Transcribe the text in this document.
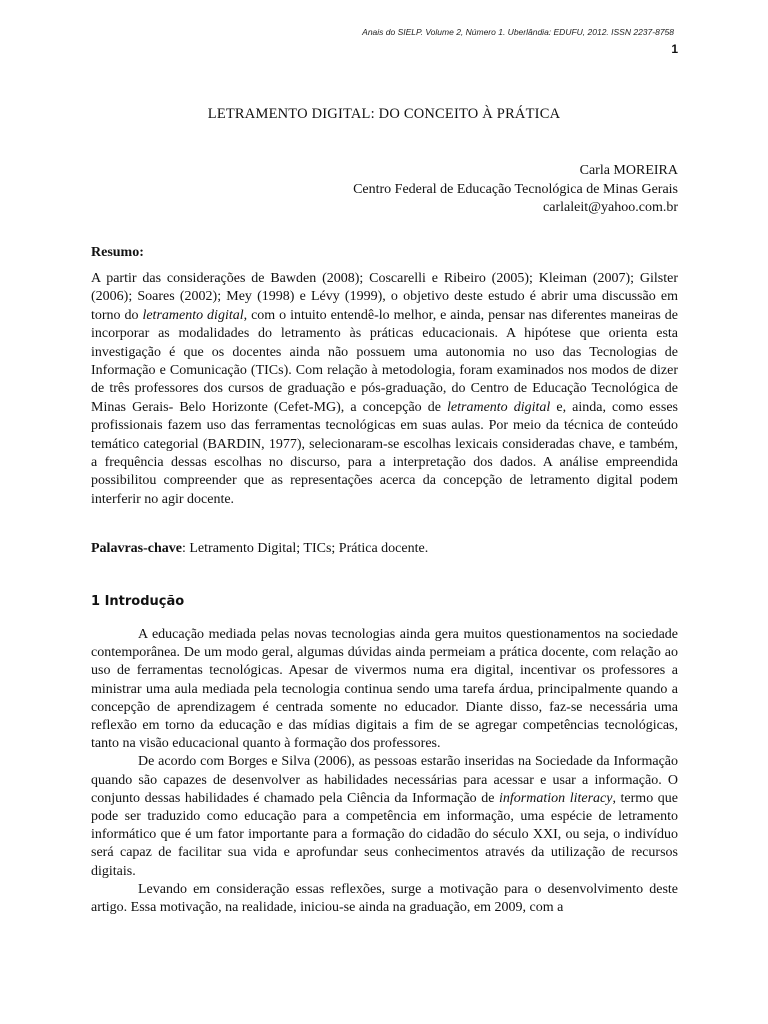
Anais do SIELP. Volume 2, Número 1. Uberlândia: EDUFU, 2012. ISSN 2237-8758
1
LETRAMENTO DIGITAL: DO CONCEITO À PRÁTICA
Carla MOREIRA
Centro Federal de Educação Tecnológica de Minas Gerais
carlaleit@yahoo.com.br
Resumo:

A partir das considerações de Bawden (2008); Coscarelli e Ribeiro (2005); Kleiman (2007); Gilster (2006); Soares (2002); Mey (1998) e Lévy (1999), o objetivo deste estudo é abrir uma discussão em torno do letramento digital, com o intuito entendê-lo melhor, e ainda, pensar nas diferentes maneiras de incorporar as modalidades do letramento às práticas educacionais. A hipótese que orienta esta investigação é que os docentes ainda não possuem uma autonomia no uso das Tecnologias de Informação e Comunicação (TICs). Com relação à metodologia, foram examinados nos modos de dizer de três professores dos cursos de graduação e pós-graduação, do Centro de Educação Tecnológica de Minas Gerais- Belo Horizonte (Cefet-MG), a concepção de letramento digital e, ainda, como esses profissionais fazem uso das ferramentas tecnológicas em suas aulas. Por meio da técnica de conteúdo temático categorial (BARDIN, 1977), selecionaram-se escolhas lexicais consideradas chave, e também, a frequência dessas escolhas no discurso, para a interpretação dos dados. A análise empreendida possibilitou compreender que as representações acerca da concepção de letramento digital podem interferir no agir docente.

Palavras-chave: Letramento Digital; TICs; Prática docente.
1 Introdução

A educação mediada pelas novas tecnologias ainda gera muitos questionamentos na sociedade contemporânea. De um modo geral, algumas dúvidas ainda permeiam a prática docente, com relação ao uso de ferramentas tecnológicas. Apesar de vivermos numa era digital, incentivar os professores a ministrar uma aula mediada pela tecnologia continua sendo uma tarefa árdua, principalmente quando a concepção de aprendizagem é centrada somente no educador. Diante disso, faz-se necessária uma reflexão em torno da educação e das mídias digitais a fim de se agregar competências tecnológicas, tanto na visão educacional quanto à formação dos professores.

De acordo com Borges e Silva (2006), as pessoas estarão inseridas na Sociedade da Informação quando são capazes de desenvolver as habilidades necessárias para acessar e usar a informação. O conjunto dessas habilidades é chamado pela Ciência da Informação de information literacy, termo que pode ser traduzido como educação para a competência em informação, uma espécie de letramento informático que é um fator importante para a formação do cidadão do século XXI, ou seja, o indivíduo será capaz de facilitar sua vida e aprofundar seus conhecimentos através da utilização de recursos digitais.

Levando em consideração essas reflexões, surge a motivação para o desenvolvimento deste artigo. Essa motivação, na realidade, iniciou-se ainda na graduação, em 2009, com a
